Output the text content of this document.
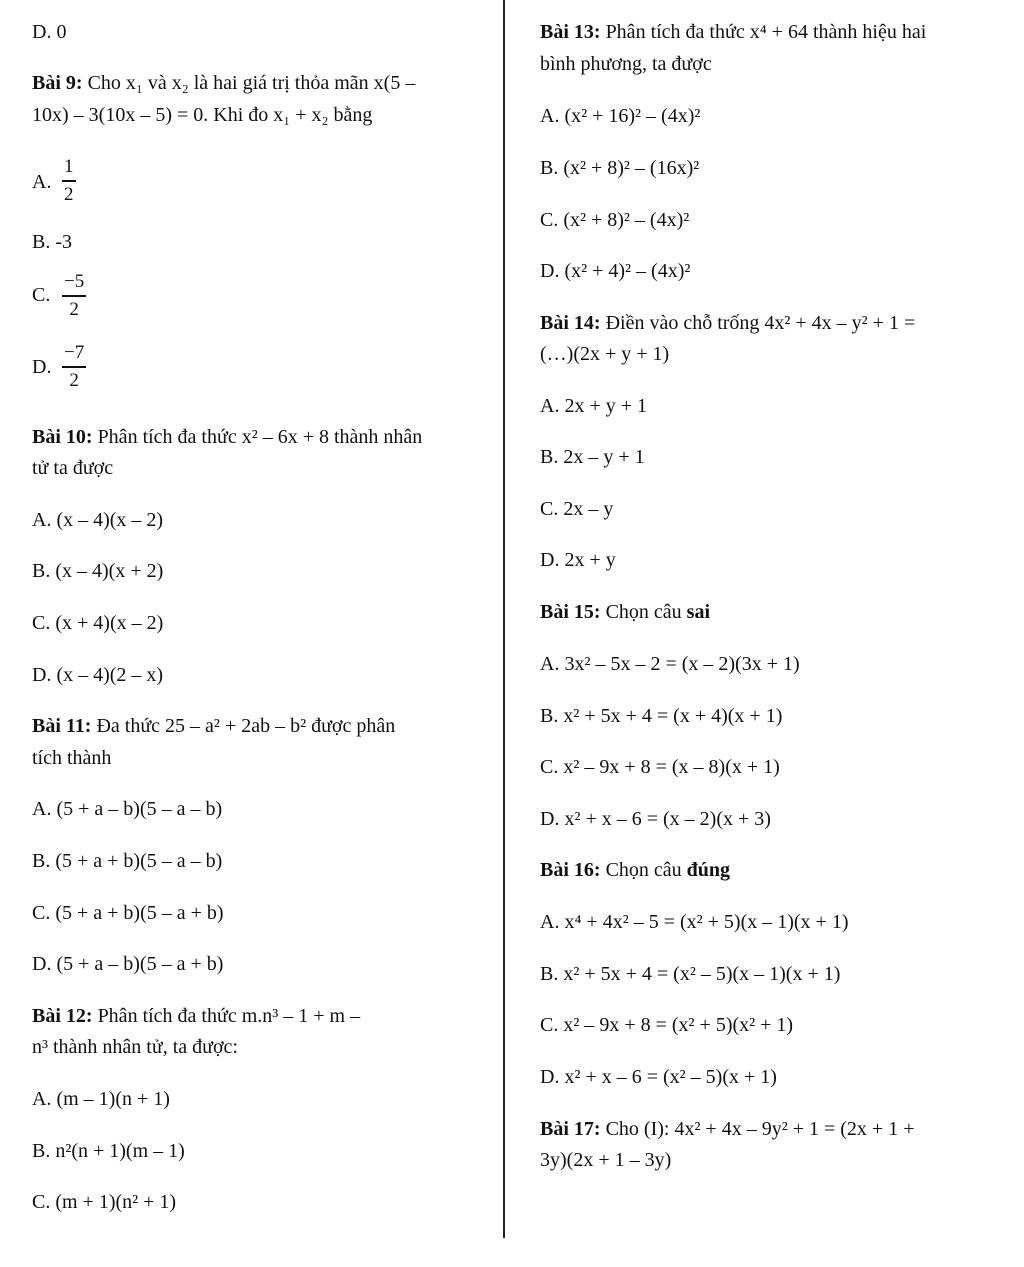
D. 0
Bài 9: Cho x₁ và x₂ là hai giá trị thỏa mãn x(5 –
10x) – 3(10x – 5) = 0. Khi đo x₁ + x₂ bằng
A.
1
2
B. -3
C.
−5
2
D.
−7
2
Bài 10: Phân tích đa thức x² – 6x + 8 thành nhân
tử ta được
A. (x – 4)(x – 2)
B. (x – 4)(x + 2)
C. (x + 4)(x – 2)
D. (x – 4)(2 – x)
Bài 11: Đa thức 25 – a² + 2ab – b² được phân
tích thành
A. (5 + a – b)(5 – a – b)
B. (5 + a + b)(5 – a – b)
C. (5 + a + b)(5 – a + b)
D. (5 + a – b)(5 – a + b)
Bài 12: Phân tích đa thức m.n³ – 1 + m –
n³ thành nhân tử, ta được:
A. (m – 1)(n + 1)
B. n²(n + 1)(m – 1)
C. (m + 1)(n² + 1)
Bài 13: Phân tích đa thức x⁴ + 64 thành hiệu hai
bình phương, ta được
A. (x² + 16)² – (4x)²
B. (x² + 8)² – (16x)²
C. (x² + 8)² – (4x)²
D. (x² + 4)² – (4x)²
Bài 14: Điền vào chỗ trống 4x² + 4x – y² + 1 =
(…)(2x + y + 1)
A. 2x + y + 1
B. 2x – y + 1
C. 2x – y
D. 2x + y
Bài 15: Chọn câu sai
A. 3x² – 5x – 2 = (x – 2)(3x + 1)
B. x² + 5x + 4 = (x + 4)(x + 1)
C. x² – 9x + 8 = (x – 8)(x + 1)
D. x² + x – 6 = (x – 2)(x + 3)
Bài 16: Chọn câu đúng
A. x⁴ + 4x² – 5 = (x² + 5)(x – 1)(x + 1)
B. x² + 5x + 4 = (x² – 5)(x – 1)(x + 1)
C. x² – 9x + 8 = (x² + 5)(x² + 1)
D. x² + x – 6 = (x² – 5)(x + 1)
Bài 17: Cho (I): 4x² + 4x – 9y² + 1 = (2x + 1 +
3y)(2x + 1 – 3y)
